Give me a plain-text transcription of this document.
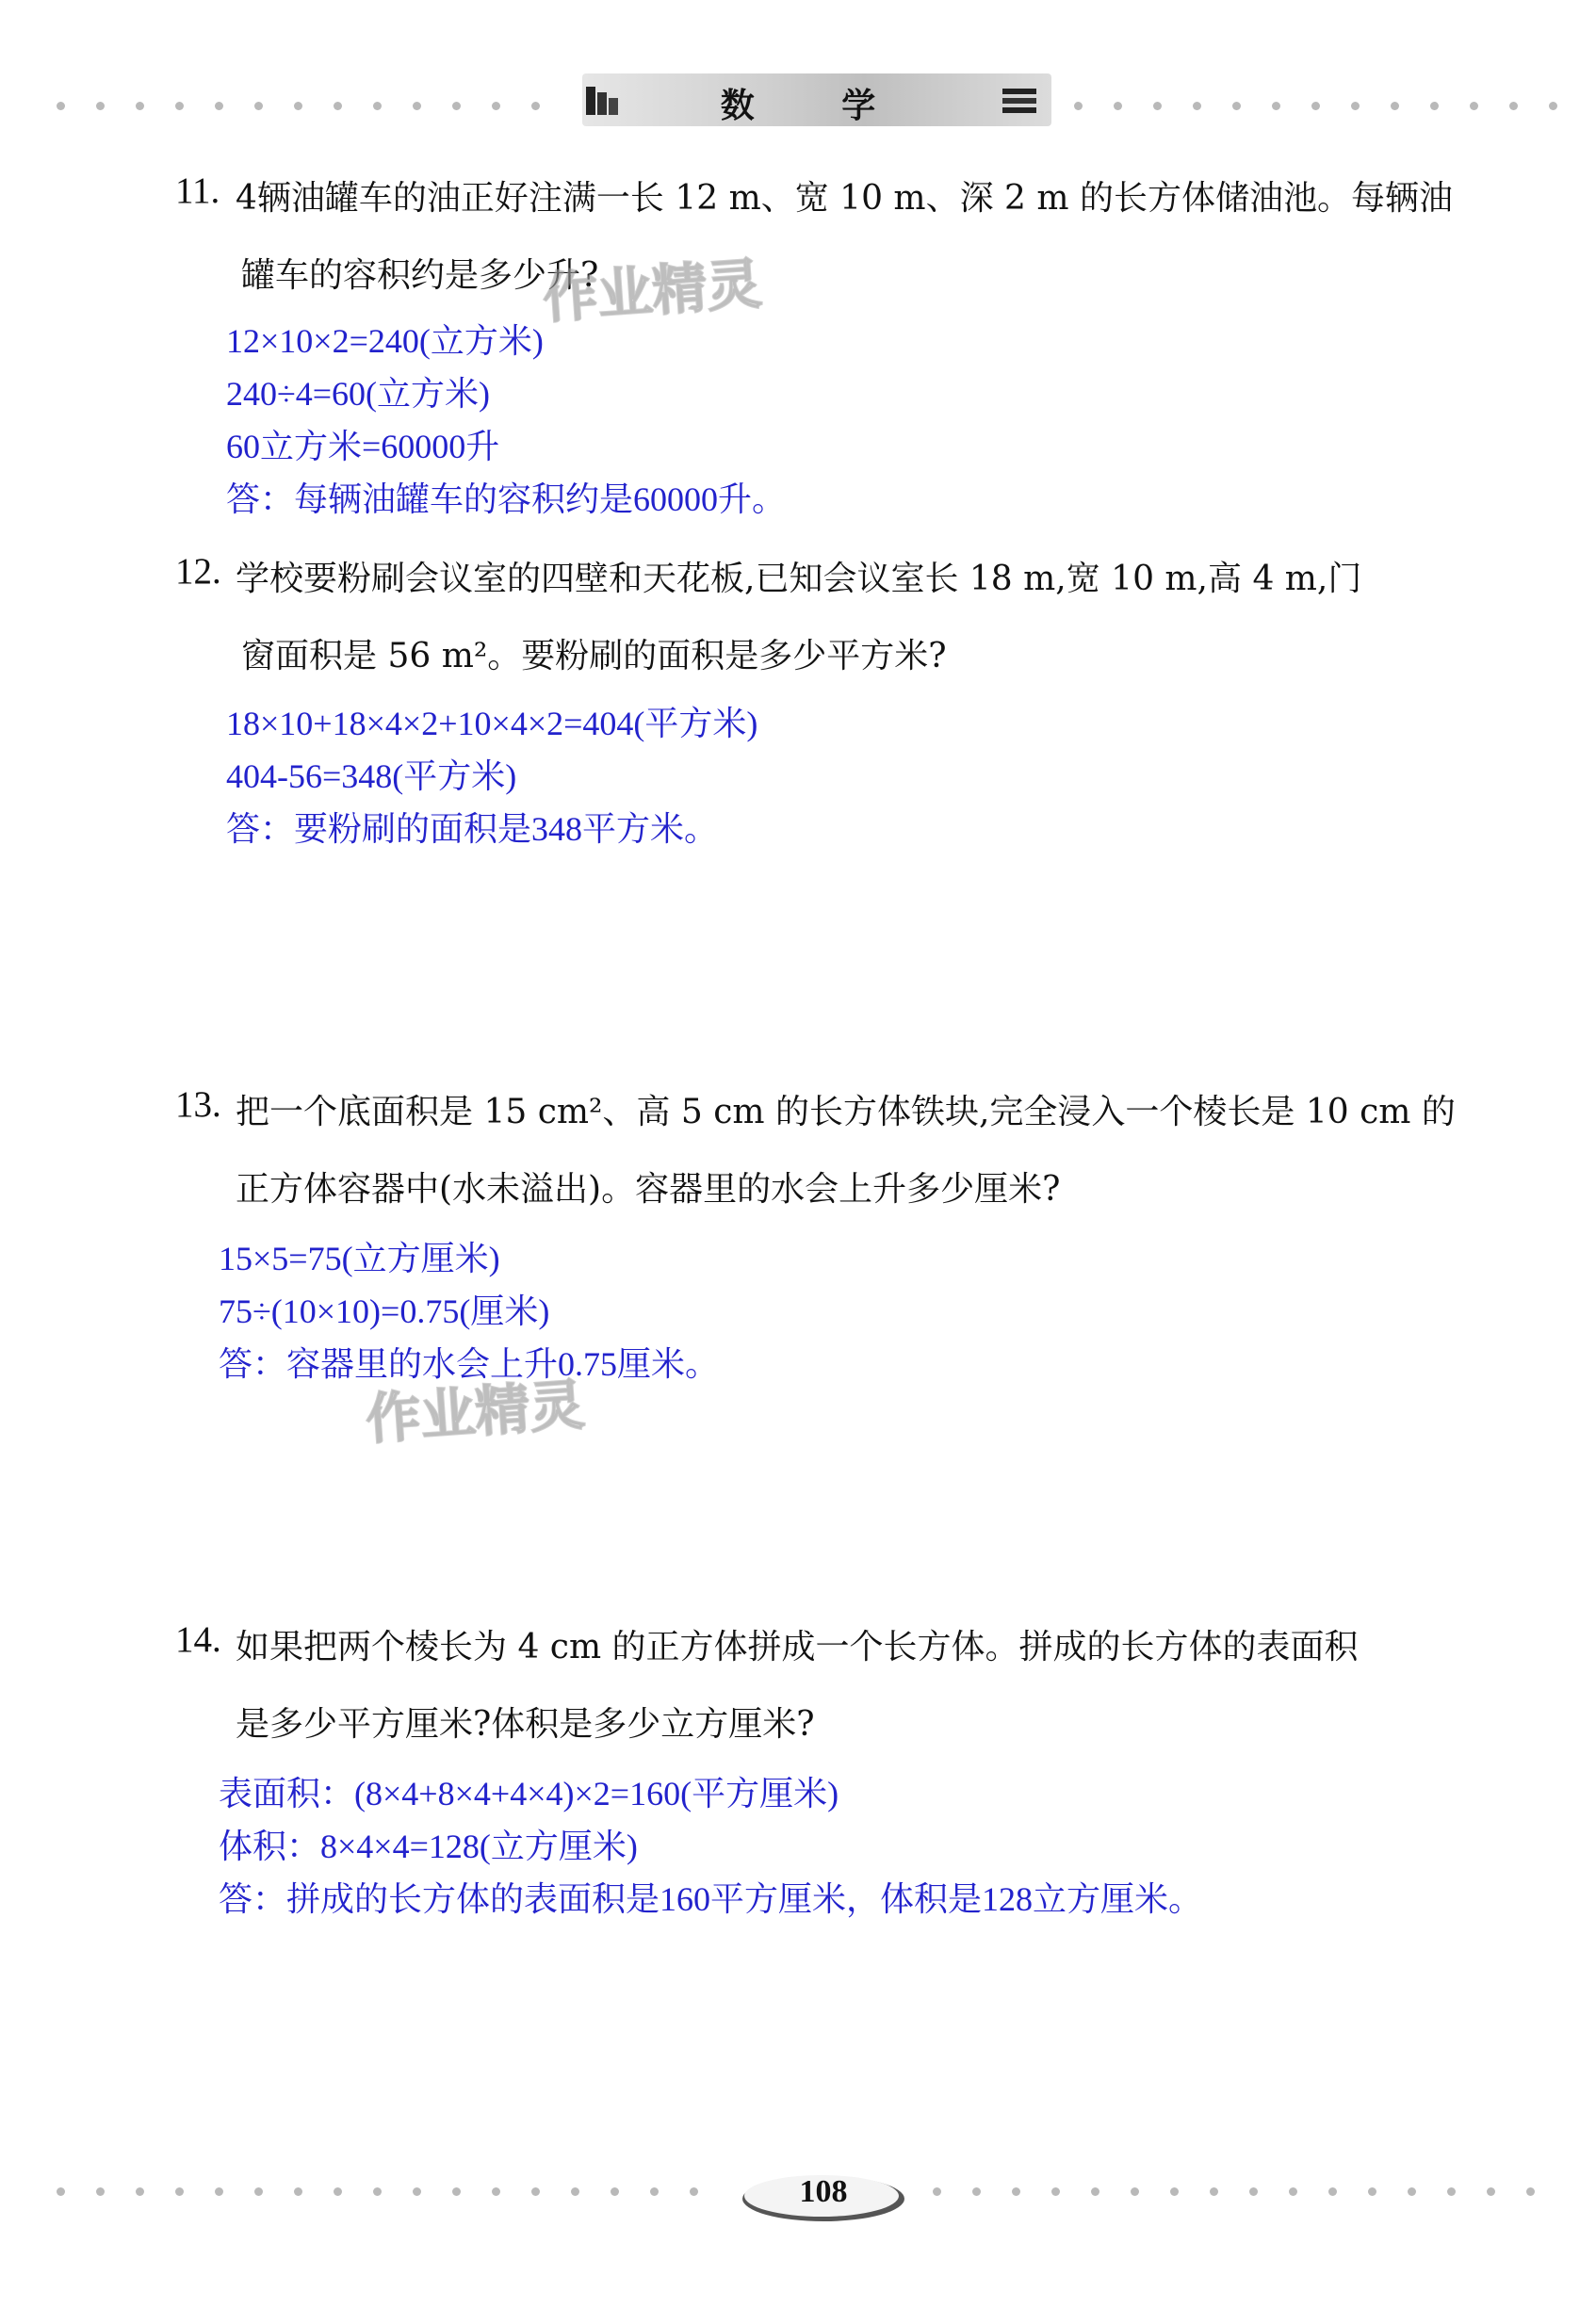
数 学
11. 4辆油罐车的油正好注满一长 12 m、宽 10 m、深 2 m 的长方体储油池。每辆油
罐车的容积约是多少升?
12×10×2=240(立方米)
240÷4=60(立方米)
60立方米=60000升
答：每辆油罐车的容积约是60000升。
作业精灵
12. 学校要粉刷会议室的四壁和天花板,已知会议室长 18 m,宽 10 m,高 4 m,门
窗面积是 56 m²。要粉刷的面积是多少平方米?
18×10+18×4×2+10×4×2=404(平方米)
404-56=348(平方米)
答：要粉刷的面积是348平方米。
13. 把一个底面积是 15 cm²、高 5 cm 的长方体铁块,完全浸入一个棱长是 10 cm 的
正方体容器中(水未溢出)。容器里的水会上升多少厘米?
15×5=75(立方厘米)
75÷(10×10)=0.75(厘米)
答：容器里的水会上升0.75厘米。
作业精灵
14. 如果把两个棱长为 4 cm 的正方体拼成一个长方体。拼成的长方体的表面积
是多少平方厘米?体积是多少立方厘米?
表面积：(8×4+8×4+4×4)×2=160(平方厘米)
体积：8×4×4=128(立方厘米)
答：拼成的长方体的表面积是160平方厘米，体积是128立方厘米。
108
